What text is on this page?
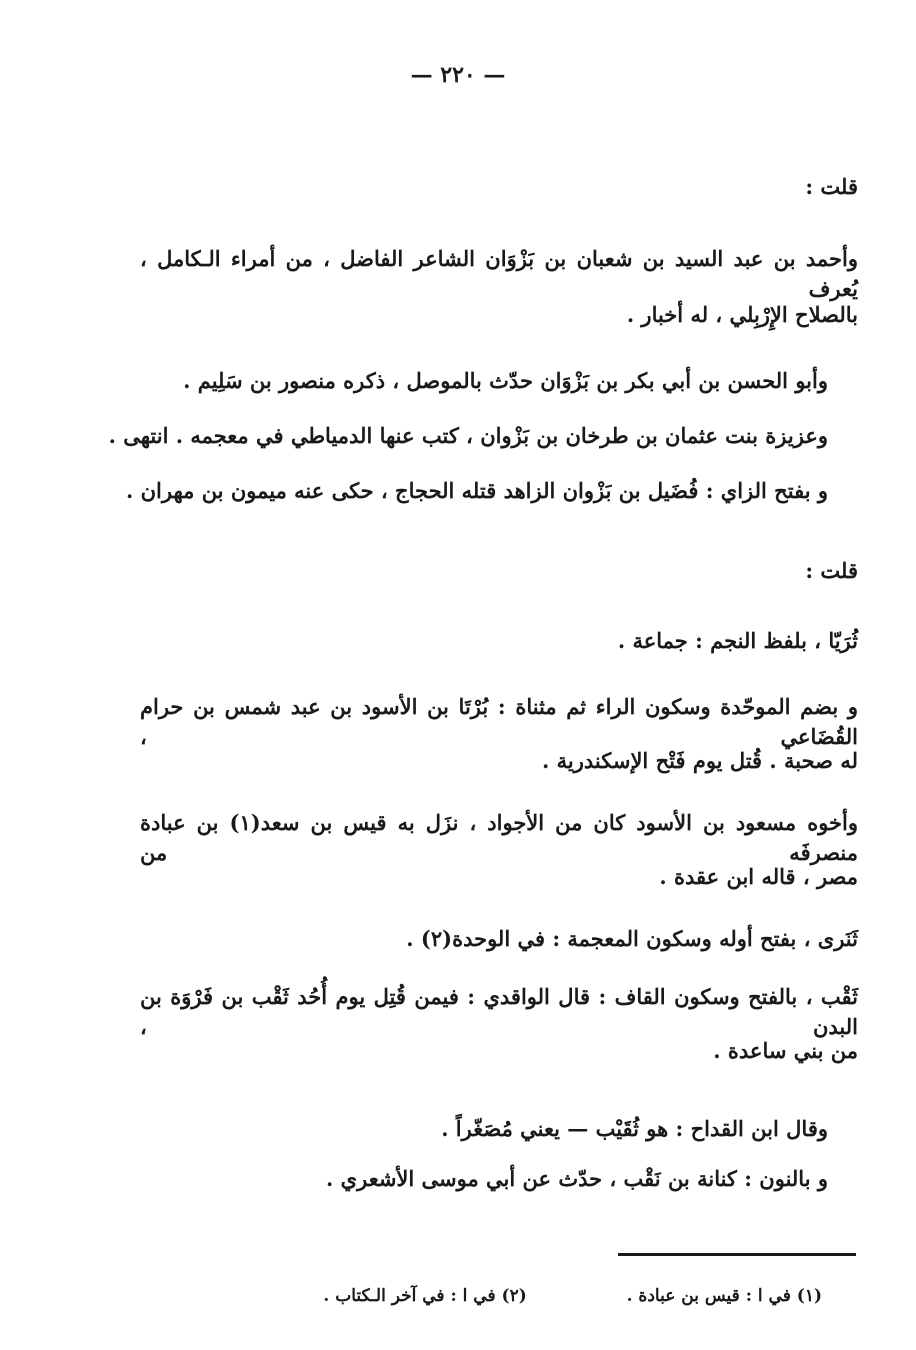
— ٢٢٠ —
قلت :
وأحمد بن عبد السيد بن شعبان بن بَزْوَان الشاعر الفاضل ، من أمراء الـكامل ، يُعرف
بالصلاح الإِرْبِلي ، له أخبار .
وأبو الحسن بن أبي بكر بن بَزْوَان حدّث بالموصل ، ذكره منصور بن سَلِيم .
وعزيزة بنت عثمان بن طرخان بن بَزْوان ، كتب عنها الدمياطي في معجمه . انتهى .
و بفتح الزاي : فُضَيل بن بَزْوان الزاهد قتله الحجاج ، حكى عنه ميمون بن مهران .
قلت :
ثُرَيّا ، بلفظ النجم : جماعة .
و بضم الموحّدة وسكون الراء ثم مثناة : بُرْتَا بن الأسود بن عبد شمس بن حرام القُضَاعي ،
له صحبة . قُتل يوم فَتْح الإسكندرية .
وأخوه مسعود بن الأسود كان من الأجواد ، نزَل به قيس بن سعد(١) بن عبادة منصرفَه من
مصر ، قاله ابن عقدة .
ثَنَرى ، بفتح أوله وسكون المعجمة : في الوحدة(٢) .
ثَقْب ، بالفتح وسكون القاف : قال الواقدي : فيمن قُتِل يوم أُحُد ثَقْب بن فَرْوَة بن البدن ،
من بني ساعدة .
وقال ابن القداح : هو ثُقَيْب — يعني مُصَغّراً .
و بالنون : كنانة بن نَقْب ، حدّث عن أبي موسى الأشعري .
(١) في ا : قيس بن عبادة .  (٢) في ا : في آخر الـكتاب .
